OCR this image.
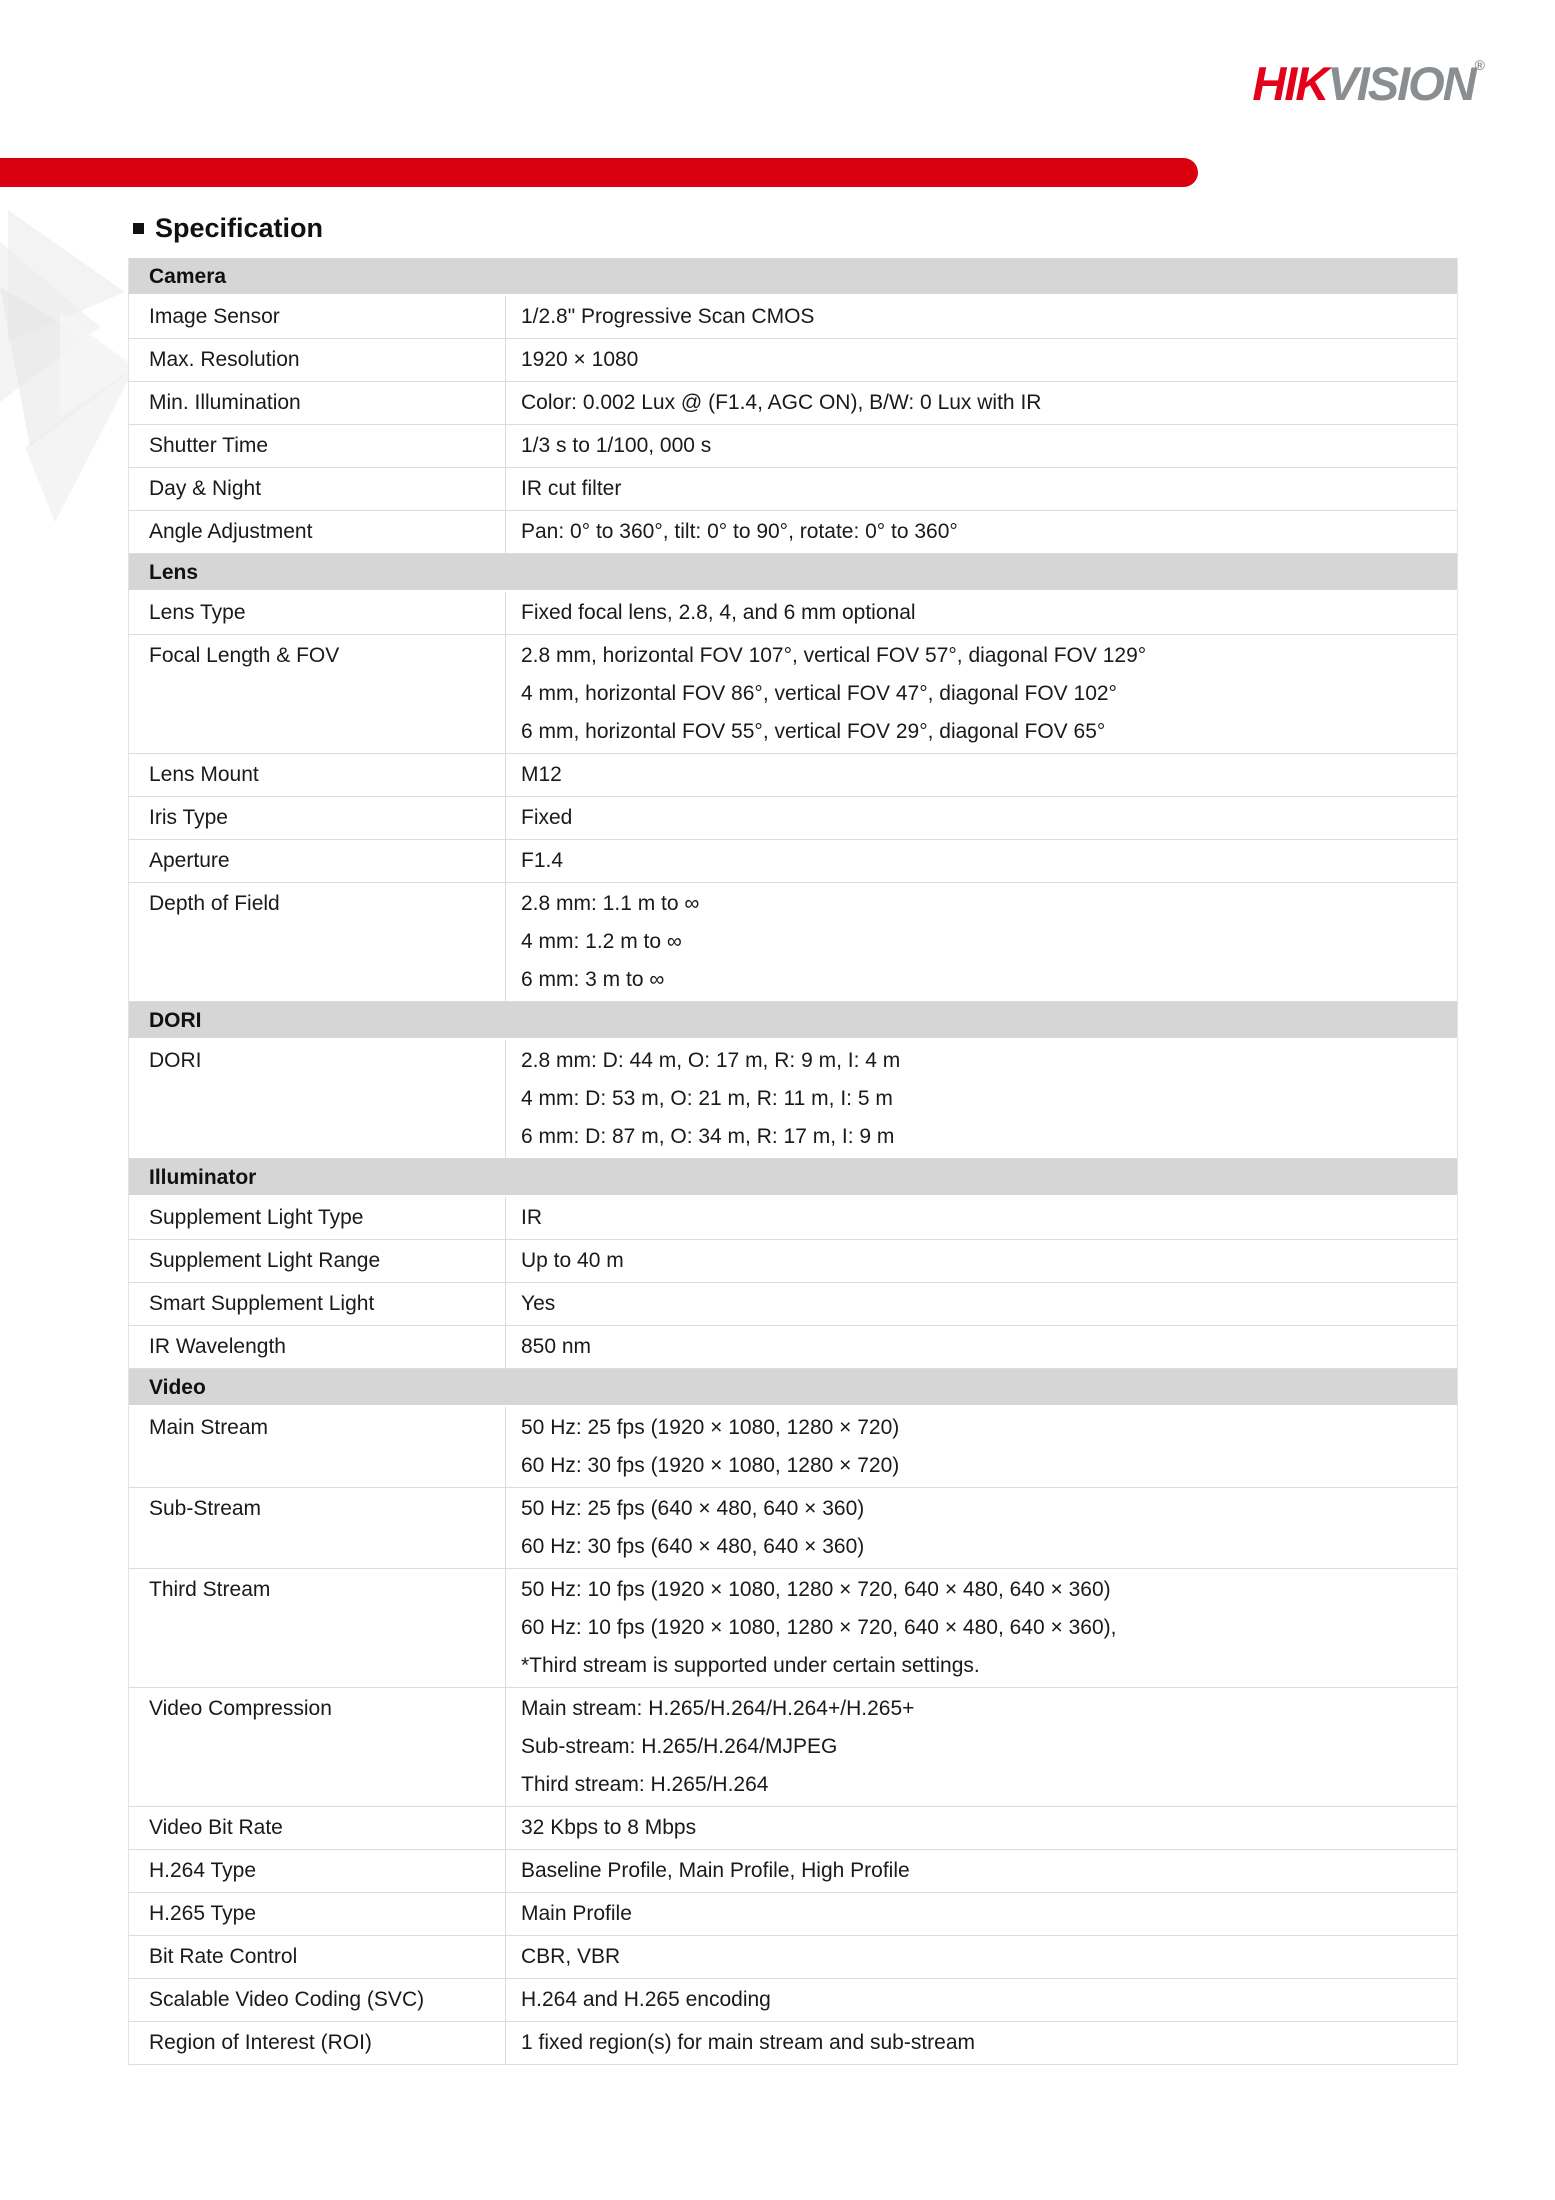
HIKVISION®
Specification
Camera
Image Sensor	1/2.8" Progressive Scan CMOS
Max. Resolution	1920 × 1080
Min. Illumination	Color: 0.002 Lux @ (F1.4, AGC ON), B/W: 0 Lux with IR
Shutter Time	1/3 s to 1/100, 000 s
Day & Night	IR cut filter
Angle Adjustment	Pan: 0° to 360°, tilt: 0° to 90°, rotate: 0° to 360°
Lens
Lens Type	Fixed focal lens, 2.8, 4, and 6 mm optional
Focal Length & FOV	2.8 mm, horizontal FOV 107°, vertical FOV 57°, diagonal FOV 129°
4 mm, horizontal FOV 86°, vertical FOV 47°, diagonal FOV 102°
6 mm, horizontal FOV 55°, vertical FOV 29°, diagonal FOV 65°
Lens Mount	M12
Iris Type	Fixed
Aperture	F1.4
Depth of Field	2.8 mm: 1.1 m to ∞
4 mm: 1.2 m to ∞
6 mm: 3 m to ∞
DORI
DORI	2.8 mm: D: 44 m, O: 17 m, R: 9 m, I: 4 m
4 mm: D: 53 m, O: 21 m, R: 11 m, I: 5 m
6 mm: D: 87 m, O: 34 m, R: 17 m, I: 9 m
Illuminator
Supplement Light Type	IR
Supplement Light Range	Up to 40 m
Smart Supplement Light	Yes
IR Wavelength	850 nm
Video
Main Stream	50 Hz: 25 fps (1920 × 1080, 1280 × 720)
60 Hz: 30 fps (1920 × 1080, 1280 × 720)
Sub-Stream	50 Hz: 25 fps (640 × 480, 640 × 360)
60 Hz: 30 fps (640 × 480, 640 × 360)
Third Stream	50 Hz: 10 fps (1920 × 1080, 1280 × 720, 640 × 480, 640 × 360)
60 Hz: 10 fps (1920 × 1080, 1280 × 720, 640 × 480, 640 × 360),
*Third stream is supported under certain settings.
Video Compression	Main stream: H.265/H.264/H.264+/H.265+
Sub-stream: H.265/H.264/MJPEG
Third stream: H.265/H.264
Video Bit Rate	32 Kbps to 8 Mbps
H.264 Type	Baseline Profile, Main Profile, High Profile
H.265 Type	Main Profile
Bit Rate Control	CBR, VBR
Scalable Video Coding (SVC)	H.264 and H.265 encoding
Region of Interest (ROI)	1 fixed region(s) for main stream and sub-stream
